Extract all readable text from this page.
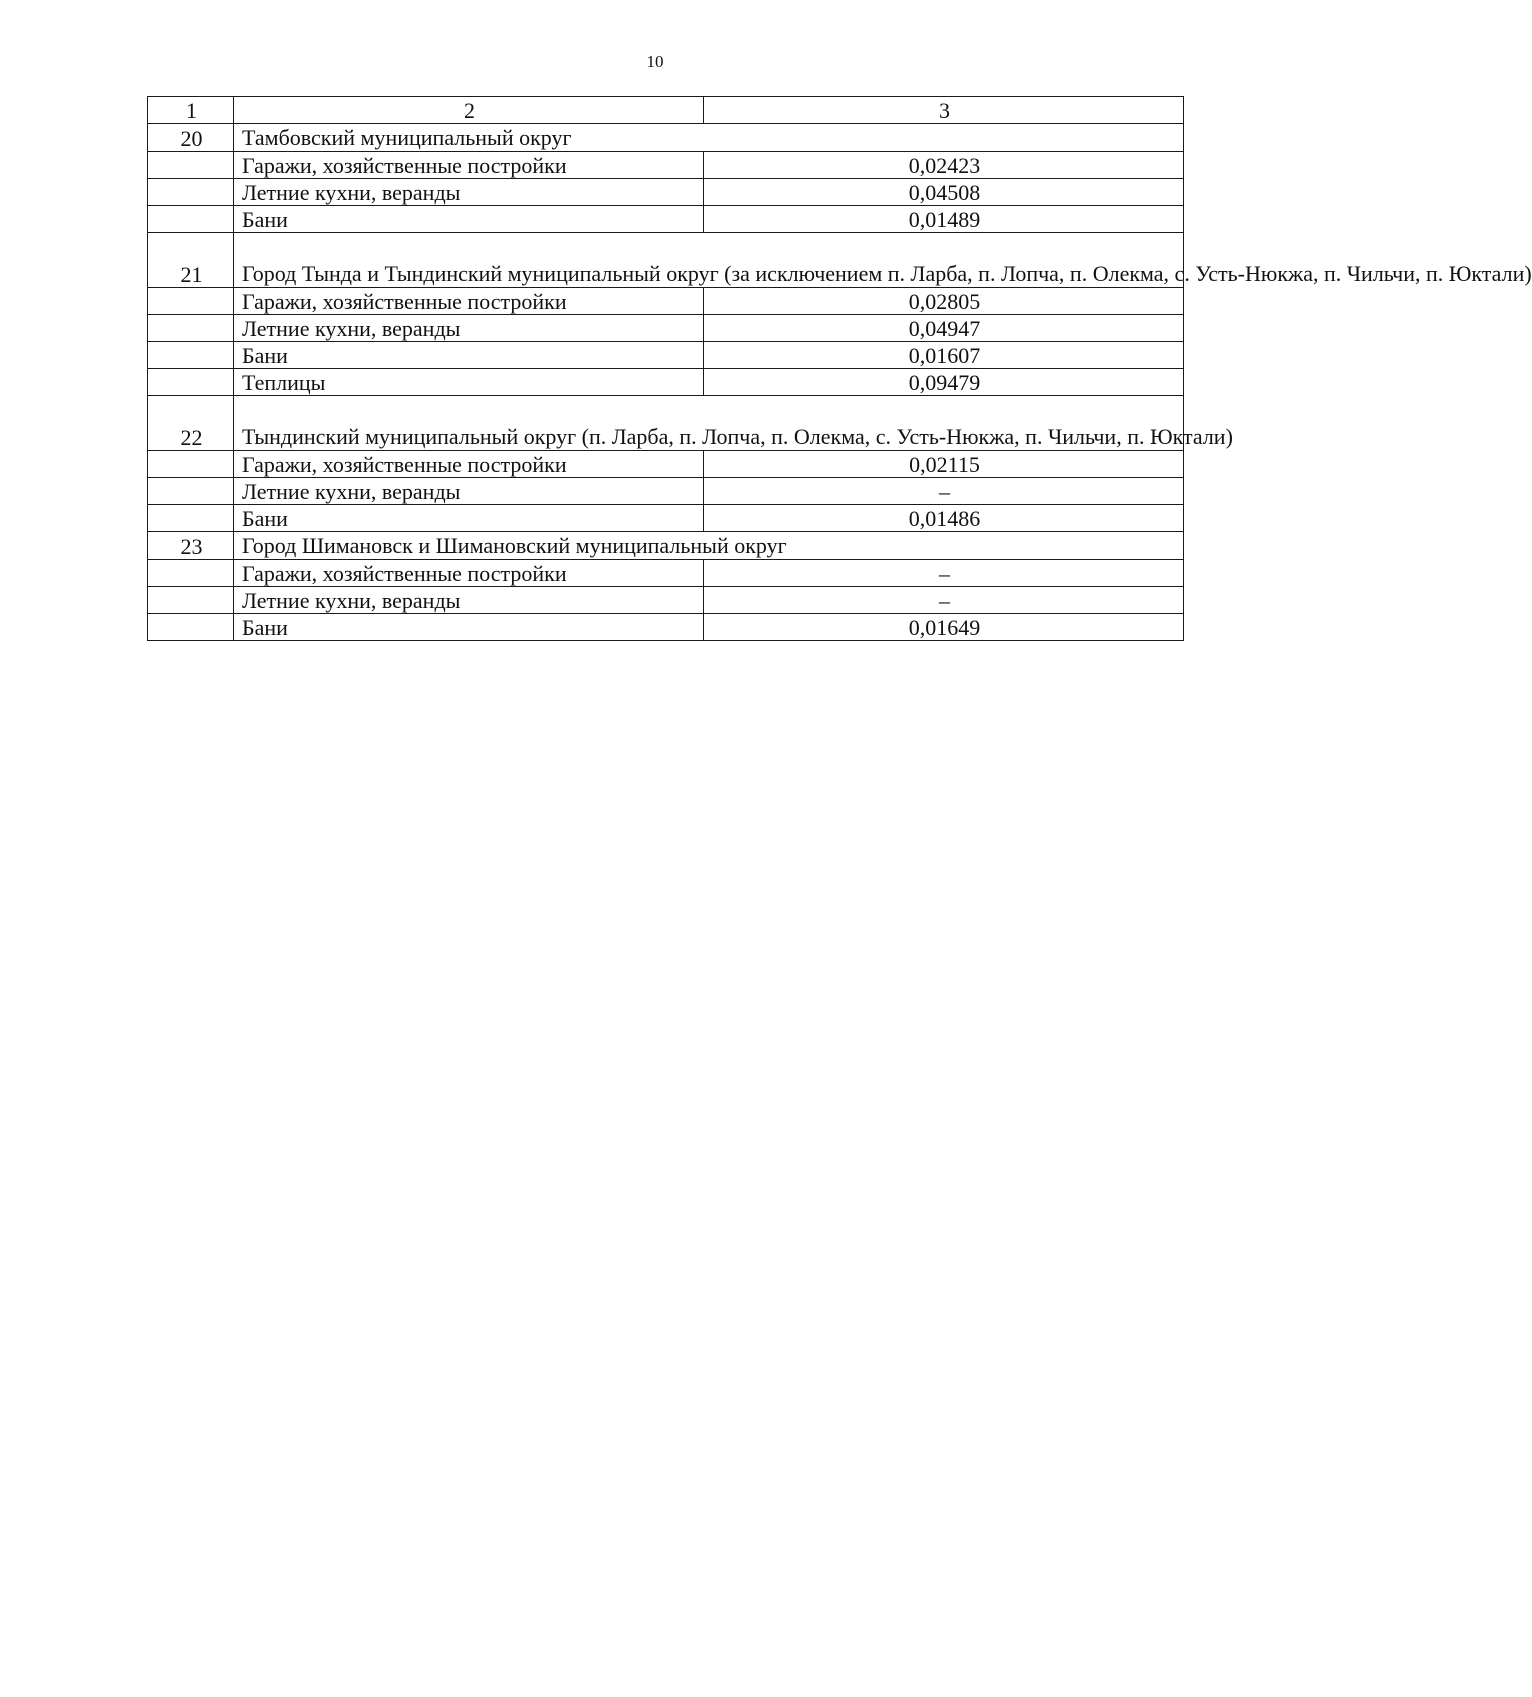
10
1	2	3
20	Тамбовский муниципальный округ	
	Гаражи, хозяйственные постройки	0,02423
	Летние кухни, веранды	0,04508
	Бани	0,01489
21	Город Тында и Тындинский муниципальный округ (за исключением п. Ларба, п. Лопча, п. Олекма, с. Усть-Нюкжа, п. Чильчи, п. Юктали)	
	Гаражи, хозяйственные постройки	0,02805
	Летние кухни, веранды	0,04947
	Бани	0,01607
	Теплицы	0,09479
22	Тындинский муниципальный округ (п. Ларба, п. Лопча, п. Олекма, с. Усть-Нюкжа, п. Чильчи, п. Юктали)	
	Гаражи, хозяйственные постройки	0,02115
	Летние кухни, веранды	–
	Бани	0,01486
23	Город Шимановск и Шимановский муниципальный округ	
	Гаражи, хозяйственные постройки	–
	Летние кухни, веранды	–
	Бани	0,01649
